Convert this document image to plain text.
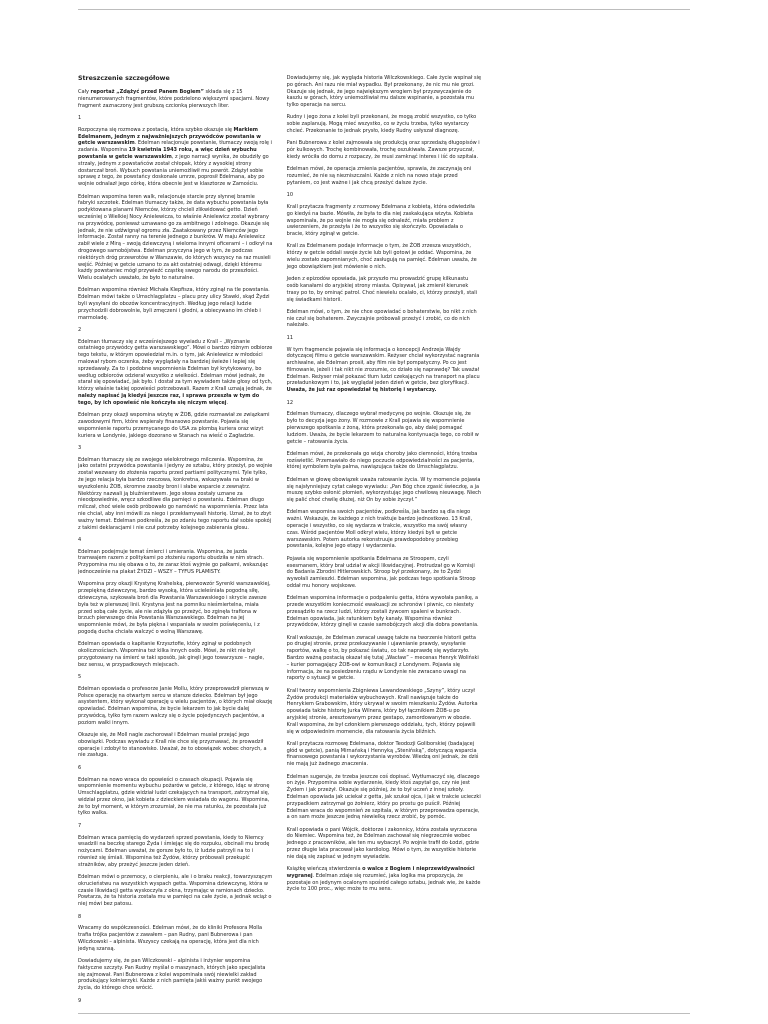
Streszczenie szczegółowe

Cały reportaż „Zdążyć przed Panem Bogiem” składa się z 15 nienumerowanych fragmentów, które podzielono większymi spacjami. Nowy fragment zaznaczony jest grubszą czcionką pierwszych liter.

1

Rozpoczyna się rozmowa z postacią, która szybko okazuje się Markiem Edelmanem, jednym z najważniejszych przywódców powstania w getcie warszawskim. Edelman relacjonuje powstanie, tłumaczy swoją rolę i zadania. Wspomina 19 kwietnia 1943 roku, a więc dzień wybuchu powstania w getcie warszawskim, z jego narracji wynika, że obudziły go strzały, jednym z powstańców został chłopak, który z wysokiej strony dostarczał broń. Wybuch powstania uniemożliwił mu powrót. Zdążył sobie sprawę z tego, że powstańcy doskonale umrze, poprosił Edelmana, aby po wojnie odnalazł jego córkę, która obecnie jest w klasztorze w Zamościu.

Edelman wspomina teren walk, relacjonuje starcie przy słynnej bramie fabryki szczotek. Edelman tłumaczy także, że data wybuchu powstania była podyktowana planami Niemców, którzy chcieli zlikwidować getto. Dzień wcześniej o Wielkiej Nocy Anielewicza, to właśnie Anielewicz został wybrany na przywódcę, ponieważ uznawano go za ambitnego i zdolnego. Okazuje się jednak, że nie udźwignął ogromu zła. Zaatakowany przez Niemców jego informacje. Został ranny na terenie jednego z bunkrów. W maju Anielewicz zabił wiele z Mirą – swoją dziewczyną i wieloma innymi oficerami – i odkrył na drogowego samobójstwa. Edelman przyczyna jego w tym, że podczas niektórych dróg przewrotów w Warszawie, do których wszyscy na raz musieli wejść. Później w getcie uznano to za akt ostatniej odwagi, dzięki któremu każdy powstaniec mógł przywieźć cząstkę swego narodu do przeszłości. Wielu ocalałych uważało, że było to naturalne.

Edelman wspomina również Michała Klepfisza, który zginął na tle powstania. Edelman mówi także o Umschlagplatzu – placu przy ulicy Stawki, skąd Żydzi byli wysyłani do obozów koncentracyjnych. Według jego relacji ludzie przychodzili dobrowolnie, byli zmęczeni i głodni, a obiecywano im chleb i marmoladę.

2

Edelman tłumaczy się z wcześniejszego wywiadu z Krall – „Wyznanie ostatniego przywódcy getta warszawskiego”. Mówi o bardzo różnym odbiorze tego tekstu, w którym opowiedział m.in. o tym, jak Anielewicz w młodości malował rybom oczenka, żeby wyglądały na bardziej świeże i lepiej się sprzedawały. Za to i podobne wspomnienia Edelman był krytykowany, bo według odbiorców odzierał wszystko z wielkości. Edelman mówi jednak, że starał się opowiadać, jak było. I dostał za tym wywiadem także głosy od tych, którzy właśnie takiej opowieści potrzebowali. Razem z Krall uznają jednak, że należy napisać ją kiedyś jeszcze raz, i sprawa przeszła w tym do tego, by ich opowieść nie kończyła się niczym więcej.

Edelman przy okazji wspomina wizytę w ŻOB, gdzie rozmawiał ze związkami zawodowymi firm, które wspierały finansowo powstanie. Pojawia się wspomnienie raportu przemycanego do USA za plombą kuriera oraz wizyt kuriera w Londynie, jakiego dozorano w Stanach na wieść o Zagładzie.

3

Edelman tłumaczy się ze swojego wielokrotnego milczenia. Wspomina, że jako ostatni przywódca powstania i jedyny ze sztabu, który przeżył, po wojnie został wezwany do złożenia raportu przed partiami politycznymi. Tyle tylko, że jego relacja była bardzo rzeczowa, konkretna, wskazywała na braki w wyszkoleniu ŻOB, skromne zasoby broni i słabe wsparcie z zewnątrz. Niektórzy nazwali ją bluźnierstwem. Jego słowa zostały uznane za nieodpowiednie, wręcz szkodliwe dla pamięci o powstaniu. Edelman długo milczał, choć wiele osób próbowało go namówić na wspomnienia. Przez lata nie chciał, aby inni mówili za niego i przekłamywali historię. Uznał, że to zbyt ważny temat. Edelman podkreśla, że po zdaniu tego raportu dał sobie spokój z takimi deklaracjami i nie czuł potrzeby kolejnego zabierania głosu.

4

Edelman podejmuje temat śmierci i umierania. Wspomina, że jazda tramwajem razem z politykami po złożeniu raportu obudziła w nim strach. Przypomina mu się obawa o to, że zaraz ktoś wyjmie go pałkami, wskazując jednocześnie na plakat ŻYDZI – WSZY – TYFUS PLAMISTY.

Wspomina przy okazji Krystynę Krahelską, pierwowzór Syrenki warszawskiej, przepiękną dziewczynę, bardzo wysoką, która ucieleśniała pogodną siłę, dziewczyna, szykowała broń dla Powstania Warszawskiego i skrycie zawsze była też w pierwszej linii. Krystyna jest na pomniku nieśmiertelna, miała przed sobą całe życie, ale nie zdążyła go przeżyć, bo zginęła trafiona w brzuch pierwszego dnia Powstania Warszawskiego. Edelman na jej wspomnienie mówi, że była piękna i wspaniała w swoim poświęceniu, i z pogodą ducha chciała walczyć o wolną Warszawę.

Edelman opowiada o kapitanie Krzysztofie, który zginął w podobnych okolicznościach. Wspomina też kilka innych osób. Mówi, że nikt nie był przygotowany na śmierć w taki sposób, jak ginęli jego towarzysze – nagle, bez sensu, w przypadkowych miejscach.

5

Edelman opowiada o profesorze Janie Mollu, który przeprowadził pierwszą w Polsce operację na otwartym sercu w starsze dziecko. Edelman był jego asystentem, który wykonał operację u wielu pacjentów, o których miał okazję opowiadać. Edelman wspomina, że bycie lekarzem to jak bycie dalej przywódcą, tylko tym razem walczy się o życie pojedynczych pacjentów, a poziom walki innym.

Okazuje się, że Moll nagle zachorował i Edelman musiał przejąć jego obowiązki. Podczas wywiadu z Krall nie chce się przyznawać, że prowadził operacje i zdobył to stanowisko. Uważał, że to obowiązek wobec chorych, a nie zasługa.

6

Edelman na nowo wraca do opowieści o czasach okupacji. Pojawia się wspomnienie momentu wybuchu pożarów w getcie, z którego, idąc w stronę Umschlagplatzu, gdzie widział ludzi czekających na transport, zatrzymał się, widział przez okno, jak kobieta z dzieckiem wsiadała do wagonu. Wspomina, że to był moment, w którym zrozumiał, że nie ma ratunku, że pozostała już tylko walka.

7

Edelman wraca pamięcią do wydarzeń sprzed powstania, kiedy to Niemcy wsadzili na beczkę starego Żyda i śmiejąc się do rozpuku, obcinali mu brodę nożycami. Edelman uważał, że gorsze było to, iż ludzie patrzyli na to i również się śmiali. Wspomina też Żydów, którzy próbowali przekupić strażników, aby przeżyć jeszcze jeden dzień.

Edelman mówi o przemocy, o cierpieniu, ale i o braku reakcji, towarzyszącym okrucieństwu na wszystkich wyspach getta. Wspomina dziewczynę, która w czasie likwidacji getta wyskoczyła z okna, trzymając w ramionach dziecko. Powtarza, że ta historia została mu w pamięci na całe życie, a jednak wciąż o niej mówi bez patosu.

8

Wracamy do współczesności. Edelman mówi, że do kliniki Profesora Molla trafia trójka pacjentów z zawałem – pan Rudny, pani Bubnerowa i pan Wilczkowski – alpinista. Wszyscy czekają na operację, która jest dla nich jedyną szansą.

Dowiadujemy się, że pan Wilczkowski – alpinista i inżynier wspomina faktyczne szczyty. Pan Rudny myślał o maszynach, których jako specjalista się zajmował. Pani Bubnerowa z kolei wspominała swój niewielki zakład produkujący kołnierzyki. Każde z nich pamięta jakiś ważny punkt swojego życia, do którego chce wrócić.

9

Dowiadujemy się, jak wygląda historia Wilczkowskiego. Całe życie wspinał się po górach. Ani razu nie miał wypadku. Był przekonany, że nic mu nie grozi. Okazuje się jednak, że jego największym wrogiem był przyzwyczajenie do kaszlu w górach, który uniemożliwiał mu dalsze wspinanie, a pozostała mu tylko operacja na sercu.

Rudny i jego żona z kolei byli przekonani, że mogą zrobić wszystko, co tylko sobie zaplanują. Mogą mieć wszystko, co w życiu trzeba, tylko wystarczy chcieć. Przekonanie to jednak prysło, kiedy Rudny usłyszał diagnozę.

Pani Bubnerowa z kolei zajmowała się produkcją oraz sprzedażą długopisów i pór kulkowych. Trochę kombinowała, trochę oszukiwała. Zawsze przyuczał, kiedy wróciła do domu z rozpaczy, że musi zamknąć interes i iść do szpitala.

Edelman mówi, że operacja zmienia pacjentów, sprawia, że zaczynają oni rozumieć, że nie są niezniszczalni. Każde z nich na nowo staje przed pytaniem, co jest ważne i jak chcą przeżyć dalsze życie.

10

Krall przytacza fragmenty z rozmowy Edelmana z kobietą, która odwiedziła go kiedyś na bazie. Mówiła, że była to dla niej zaskakująca wizyta. Kobieta wspominała, że po wojnie nie mogła się odnaleźć, miała problem z uwierzeniem, że przeżyła i że to wszystko się skończyło. Opowiadała o bracie, który zginął w getcie.

Krall za Edelmanem podaje informacje o tym, że ŻOB zrzesza wszystkich, którzy w getcie oddali swoje życie lub byli gotowi je oddać. Wspomina, że wielu zostało zapomnianych, choć zasługują na pamięć. Edelman uważa, że jego obowiązkiem jest mówienie o nich.

Jeden z epizodów opowiada, jak przyszło mu prowadzić grupę kilkunastu osób kanałami do aryjskiej strony miasta. Opisywał, jak zmienił kierunek trasy po to, by ominąć patrol. Choć niewielu ocalało, ci, którzy przeżyli, stali się świadkami historii.

Edelman mówi, o tym, że nie chce opowiadać o bohaterstwie, bo nikt z nich nie czuł się bohaterem. Zwyczajnie próbowali przeżyć i zrobić, co do nich należało.

11

W tym fragmencie pojawia się informacja o koncepcji Andrzeja Wajdy dotyczącej filmu o getcie warszawskim. Reżyser chciał wykorzystać nagrania archiwalne, ale Edelman prosił, aby film nie był pompatyczny. Po co jest filmowanie, jeżeli i tak nikt nie zrozumie, co działo się naprawdę? Tak uważał Edelman. Reżyser miał pokazać tłum ludzi czekających na transport na placu przeładunkowym i to, jak wyglądał jeden dzień w getcie, bez gloryfikacji. Uważa, że już raz opowiedział tę historię i wystarczy.

12

Edelman tłumaczy, dlaczego wybrał medycynę po wojnie. Okazuje się, że było to decyzja jego żony. W rozmowie z Krall pojawia się wspomnienie pierwszego spotkania z żoną, która przekonała go, aby dalej pomagać ludziom. Uważa, że bycie lekarzem to naturalna kontynuacja tego, co robił w getcie – ratowania życia.

Edelman mówi, że przekonała go wizja choroby jako ciemności, którą trzeba rozświetlić. Przemawiało do niego poczucie odpowiedzialności za pacjenta, której symbolem była palma, nawiązująca także do Umschlagplatzu.

Edelman w głowę obowiązek uważa ratowanie życia. W ty momencie pojawia się najsłynniejszy cytat całego wywiadu: „Pan Bóg chce zgasić świeczkę, a ja muszę szybko osłonić płomień, wykorzystując jego chwilową nieuwagę. Niech się palić choć chwilę dłużej, niż On by sobie życzył.”

Edelman wspomina swoich pacjentów, podkreśla, jak bardzo są dla niego ważni. Wskazuje, że każdego z nich traktuje bardzo jednostkowo. 13 Krall, operacje i wszystko, co się wydarza w trakcie, wszystko ma swój własny czas. Wśród pacjentów Moll odkrył wielu, którzy kiedyś byli w getcie warszawskim. Potem autorka rekonstruuje prawdopodobny przebieg powstania, kolejne jego etapy i wydarzenia.

Pojawia się wspomnienie spotkania Edelmana ze Stroopem, czyli esesmanem, który brał udział w akcji likwidacyjnej. Protrudzał go w Komisji do Badania Zbrodni Hitlerowskich. Stroop był przekonany, że to Żydzi wywołali zamieszki. Edelman wspomina, jak podczas tego spotkania Stroop oddał mu honory wojskowe.

Edelman wspomina informacje o podpaleniu getta, która wywołała panikę, a przede wszystkim konieczność ewakuacji ze schronów i piwnic, co niestety przesądziło na rzecz ludzi, którzy zostali żywcem spaleni w bunkrach. Edelman opowiada, jak ratunkiem były kanały. Wspomina również przywódców, którzy ginęli w czasie samobójczych akcji dla dobra powstania.

Krall wskazuje, że Edelman zwracał uwagę także na tworzenie historii getta po drugiej stronie, przez przekazywanie i ujawnianie prawdy, wysyłanie raportów, walkę o to, by pokazać światu, co tak naprawdę się wydarzyło. Bardzo ważną postacią okazał się tutaj „Wacław” – mecenas Henryk Woliński – kurier pomagający ŻOB-owi w komunikacji z Londynem. Pojawia się informacja, że na posiedzeniu rządu w Londynie nie zwracano uwagi na raporty o sytuacji w getcie.

Krall tworzy wspomnienia Zbigniewa Lewandowskiego „Szyny”, który uczył Żydów produkcji materiałów wybuchowych. Krall nawiązuje także do Henrykiem Grabowskim, który ukrywał w swoim mieszkaniu Żydów. Autorka opowiada także historię Jurka Wilnera, który był łącznikiem ŻOB-u po aryjskiej stronie, aresztowanym przez gestapo, zamordowanym w obozie. Krall wspomina, że był członkiem pierwszego oddziału, tych, którzy pojawili się w odpowiednim momencie, dla ratowania życia bliźnich.

Krall przytacza rozmowę Edelmana, doktor Teodozji Goliborskiej (badającej głód w getcie), panią Mirnańską i Hennyką „Stenińską”, dotyczącą wsparcia finansowego powstania i wykorzystania wyrobów. Wiedzą oni jednak, że dziś nie mają już żadnego znaczenia.

Edelman sugeruje, że trzeba jeszcze coś dopisać. Wytłumaczyć się, dlaczego on żyje. Przypomina sobie wydarzenie, kiedy ktoś zapytał go, czy nie jest Żydem i jak przeżył. Okazuje się później, że to był uczeń z innej szkoły. Edelman opowiada jak uciekał z getta, jak szukał ojca, i jak w trakcie ucieczki przypadkiem zatrzymał go żołnierz, który po prostu go puścił. Później Edelman wraca do wspomnień ze szpitala, w którym przeprowadza operacje, a on sam może jeszcze jedną niewielką rzecz zrobić, by pomóc.

Krall opowiada o pani Wójcik, doktorze i zakonnicy, która została wyrzucona do Niemiec. Wspomina też, że Edelman zachował się niegrzecznie wobec jednego z pracowników, ale ten mu wybaczył. Po wojnie trafił do Łodzi, gdzie przez długie lata pracował jako kardiolog. Mówi o tym, że wszystkie historie nie dają się zapisać w jednym wywiadzie.

Książkę wieńczą stwierdzenia o walce z Bogiem i nieprzewidywalności wygranej. Edelman zdaje się rozumieć, jaka logika ma propozycja, że pozostaje on jedynym ocalonym spośród całego sztabu, jednak wie, że każde życie to 100 proc., więc może to mu sens.
